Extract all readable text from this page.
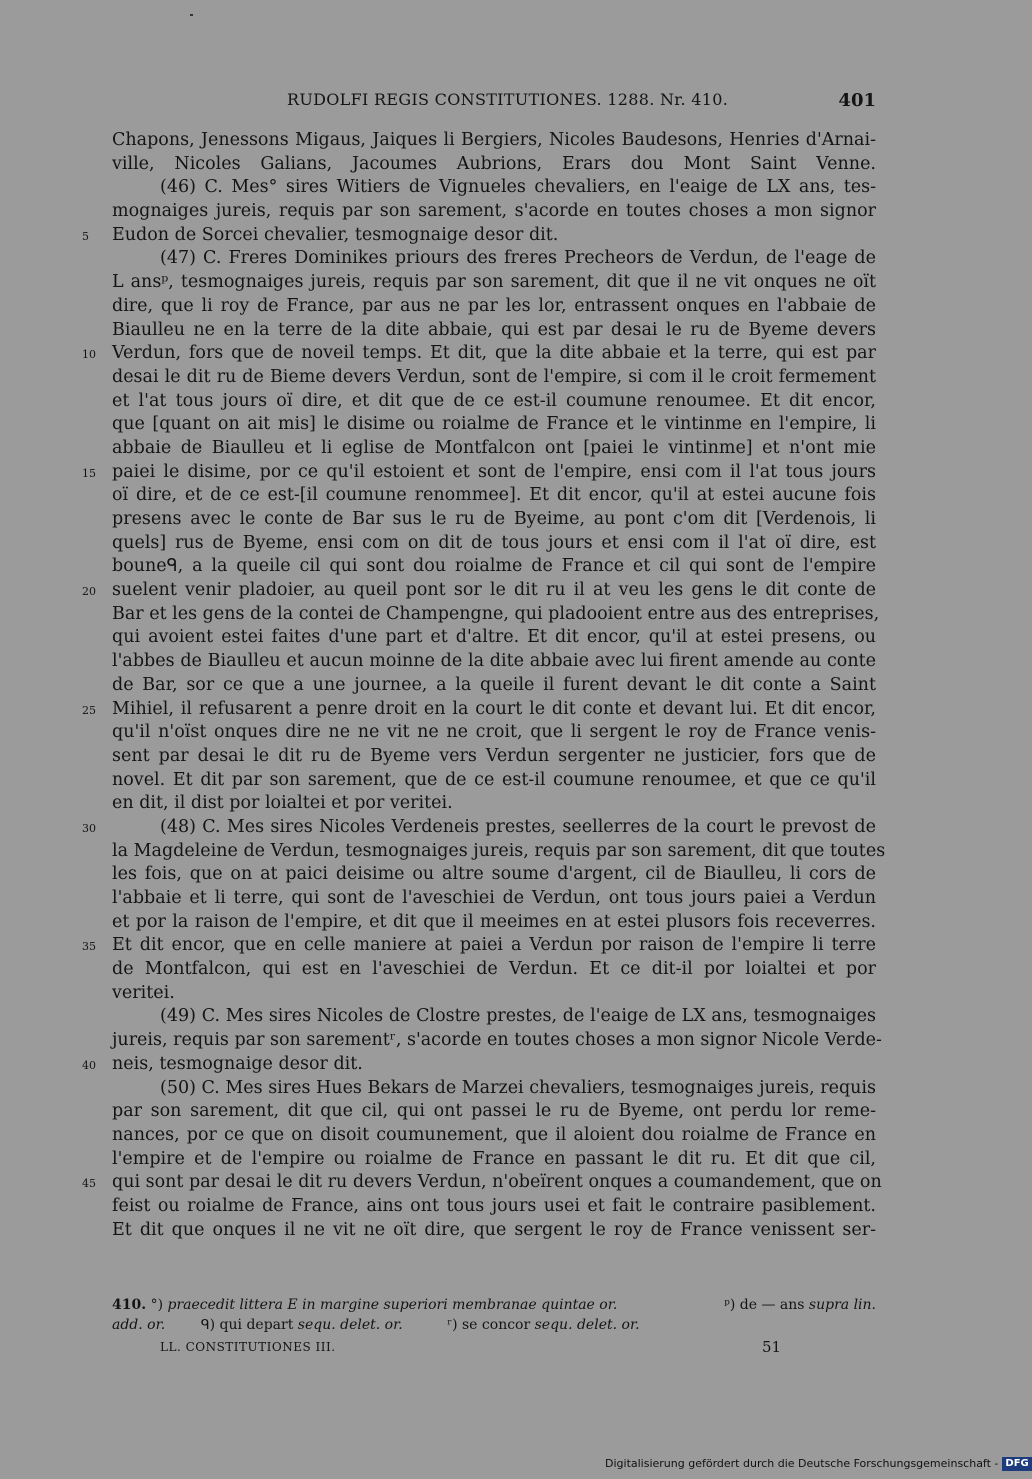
RUDOLFI REGIS CONSTITUTIONES. 1288. Nr. 410.	401
Chapons, Jenessons Migaus, Jaiques li Bergiers, Nicoles Baudesons, Henries d'Arnai-
ville, Nicoles Galians, Jacoumes Aubrions, Erars dou Mont Saint Venne.
(46) C. Mes° sires Witiers de Vignueles chevaliers, en l'eaige de LX ans, tes-
mognaiges jureis, requis par son sarement, s'acorde en toutes choses a mon signor
5	Eudon de Sorcei chevalier, tesmognaige desor dit.
(47) C. Freres Dominikes priours des freres Precheors de Verdun, de l'eage de
L ansᵖ, tesmognaiges jureis, requis par son sarement, dit que il ne vit onques ne oït
dire, que li roy de France, par aus ne par les lor, entrassent onques en l'abbaie de
Biaulleu ne en la terre de la dite abbaie, qui est par desai le ru de Byeme devers
10 Verdun, fors que de noveil temps. Et dit, que la dite abbaie et la terre, qui est par
desai le dit ru de Bieme devers Verdun, sont de l'empire, si com il le croit fermement
et l'at tous jours oï dire, et dit que de ce est-il coumune renoumee. Et dit encor,
que [quant on ait mis] le disime ou roialme de France et le vintinme en l'empire, li
abbaie de Biaulleu et li eglise de Montfalcon ont [paiei le vintinme] et n'ont mie
15 paiei le disime, por ce qu'il estoient et sont de l'empire, ensi com il l'at tous jours
oï dire, et de ce est-[il coumune renommee]. Et dit encor, qu'il at estei aucune fois
presens avec le conte de Bar sus le ru de Byeime, au pont c'om dit [Verdenois, li
quels] rus de Byeme, ensi com on dit de tous jours et ensi com il l'at oï dire, est
bouneᑫ, a la queile cil qui sont dou roialme de France et cil qui sont de l'empire
20 suelent venir pladoier, au queil pont sor le dit ru il at veu les gens le dit conte de
Bar et les gens de la contei de Champengne, qui pladooient entre aus des entreprises,
qui avoient estei faites d'une part et d'altre. Et dit encor, qu'il at estei presens, ou
l'abbes de Biaulleu et aucun moinne de la dite abbaie avec lui firent amende au conte
de Bar, sor ce que a une journee, a la queile il furent devant le dit conte a Saint
25 Mihiel, il refusarent a penre droit en la court le dit conte et devant lui. Et dit encor,
qu'il n'oïst onques dire ne ne vit ne ne croit, que li sergent le roy de France venis-
sent par desai le dit ru de Byeme vers Verdun sergenter ne justicier, fors que de
novel. Et dit par son sarement, que de ce est-il coumune renoumee, et que ce qu'il
en dit, il dist por loialtei et por veritei.
30	(48) C. Mes sires Nicoles Verdeneis prestes, seellerres de la court le prevost de
la Magdeleine de Verdun, tesmognaiges jureis, requis par son sarement, dit que toutes
les fois, que on at paici deisime ou altre soume d'argent, cil de Biaulleu, li cors de
l'abbaie et li terre, qui sont de l'aveschiei de Verdun, ont tous jours paiei a Verdun
et por la raison de l'empire, et dit que il meeimes en at estei plusors fois receverres.
35 Et dit encor, que en celle maniere at paiei a Verdun por raison de l'empire li terre
de Montfalcon, qui est en l'aveschiei de Verdun. Et ce dit-il por loialtei et por
veritei.
(49) C. Mes sires Nicoles de Clostre prestes, de l'eaige de LX ans, tesmognaiges
jureis, requis par son sarementʳ, s'acorde en toutes choses a mon signor Nicole Verde-
40 neis, tesmognaige desor dit.
(50) C. Mes sires Hues Bekars de Marzei chevaliers, tesmognaiges jureis, requis
par son sarement, dit que cil, qui ont passei le ru de Byeme, ont perdu lor reme-
nances, por ce que on disoit coumunement, que il aloient dou roialme de France en
l'empire et de l'empire ou roialme de France en passant le dit ru. Et dit que cil,
45 qui sont par desai le dit ru devers Verdun, n'obeïrent onques a coumandement, que on
feist ou roialme de France, ains ont tous jours usei et fait le contraire pasiblement.
Et dit que onques il ne vit ne oït dire, que sergent le roy de France venissent ser-
410. °) praecedit littera E in margine superiori membranae quintae or.	ᵖ) de — ans supra lin.
add. or.	ᑫ) qui depart sequ. delet. or.	ʳ) se concor sequ. delet. or.
LL. CONSTITUTIONES III.	51
Digitalisierung gefördert durch die Deutsche Forschungsgemeinschaft - DFG
